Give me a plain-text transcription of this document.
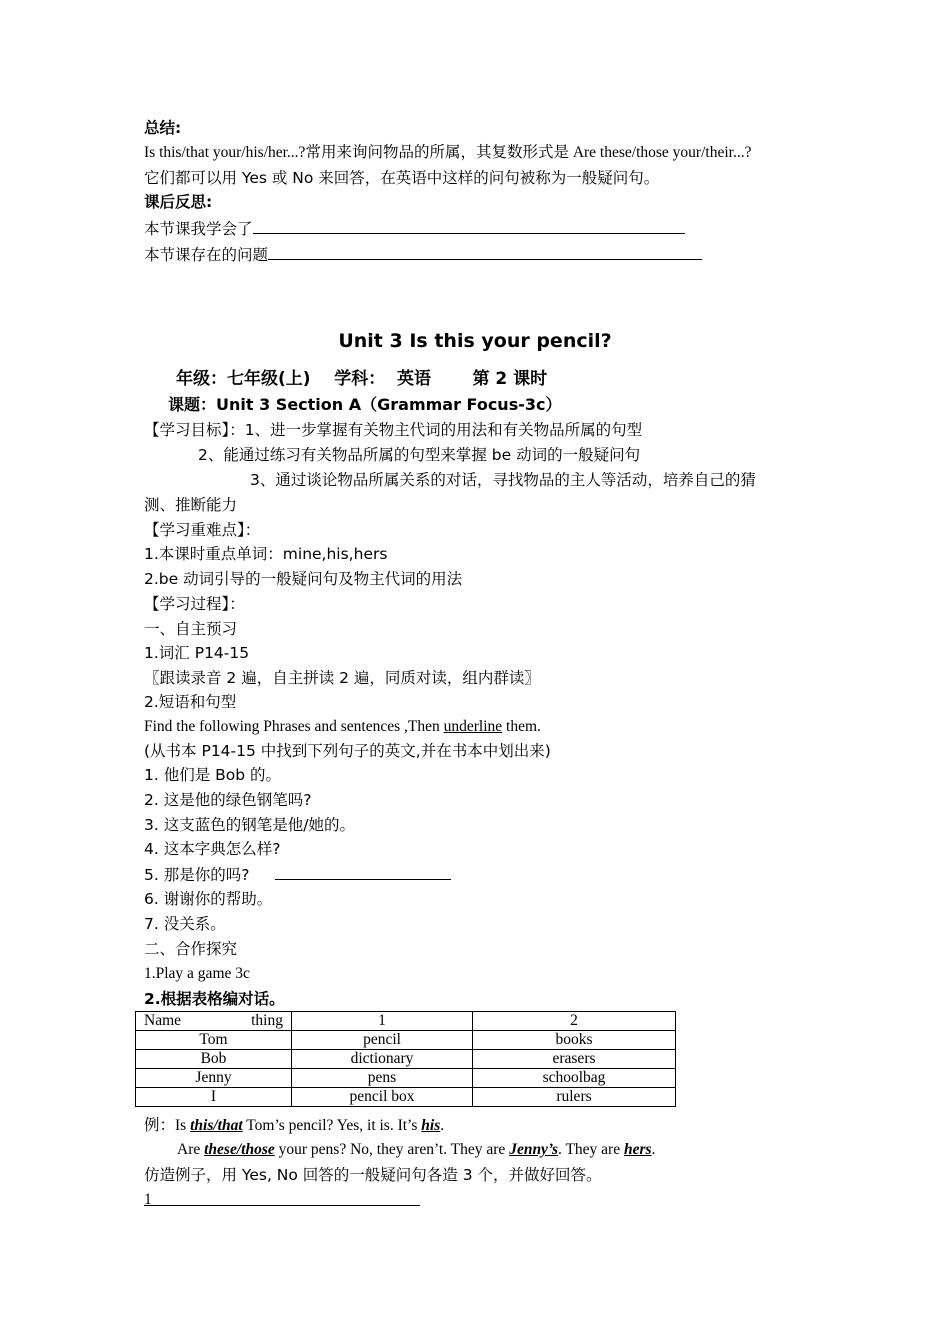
总结:
Is this/that your/his/her...?常用来询问物品的所属，其复数形式是 Are these/those your/their...?
它们都可以用 Yes 或 No 来回答，在英语中这样的问句被称为一般疑问句。
课后反思:
本节课我学会了
本节课存在的问题
Unit 3 Is this your pencil?
年级：七年级(上)    学科：  英语       第 2 课时
课题：Unit 3 Section A（Grammar Focus-3c）
【学习目标】：1、进一步掌握有关物主代词的用法和有关物品所属的句型
2、能通过练习有关物品所属的句型来掌握 be 动词的一般疑问句
3、通过谈论物品所属关系的对话，寻找物品的主人等活动，培养自己的猜
测、推断能力
【学习重难点】：
1.本课时重点单词：mine,his,hers
2.be 动词引导的一般疑问句及物主代词的用法
【学习过程】：
一、自主预习
1.词汇 P14-15
〖跟读录音 2 遍，自主拼读 2 遍，同质对读，组内群读〗
2.短语和句型
Find the following Phrases and sentences ,Then underline them.
(从书本 P14-15 中找到下列句子的英文,并在书本中划出来)
1. 他们是 Bob 的。
2. 这是他的绿色钢笔吗?
3. 这支蓝色的钢笔是他/她的。
4. 这本字典怎么样?
5. 那是你的吗?
6. 谢谢你的帮助。
7. 没关系。
二、合作探究
1.Play a game 3c
2.根据表格编对话。
Name thing	1	2
Tom	pencil	books
Bob	dictionary	erasers
Jenny	pens	schoolbag
I	pencil box	rulers
例：Is this/that Tom’s pencil? Yes, it is. It’s his.
Are these/those your pens? No, they aren’t. They are Jenny’s. They are hers.
仿造例子，用 Yes, No 回答的一般疑问句各造 3 个，并做好回答。
1
